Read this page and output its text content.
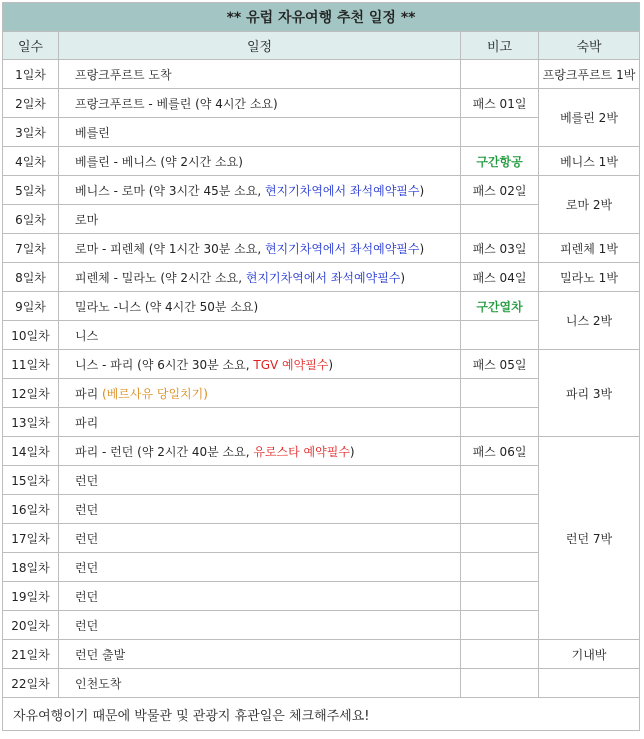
** 유럽 자유여행 추천 일정 **			
일수	일정	비고	숙박
1일차	프랑크푸르트 도착		프랑크푸르트 1박
2일차	프랑크푸르트 - 베를린 (약 4시간 소요)	패스 01일	베를린 2박
3일차	베를린		
4일차	베를린 - 베니스 (약 2시간 소요)	구간항공	베니스 1박
5일차	베니스 - 로마 (약 3시간 45분 소요, 현지기차역에서 좌석예약필수)	패스 02일	로마 2박
6일차	로마		
7일차	로마 - 피렌체 (약 1시간 30분 소요, 현지기차역에서 좌석예약필수)	패스 03일	피렌체 1박
8일차	피렌체 - 밀라노 (약 2시간 소요, 현지기차역에서 좌석예약필수)	패스 04일	밀라노 1박
9일차	밀라노 -니스 (약 4시간 50분 소요)	구간열차	니스 2박
10일차	니스		
11일차	니스 - 파리 (약 6시간 30분 소요, TGV 예약필수)	패스 05일	파리 3박
12일차	파리 (베르사유 당일치기)		
13일차	파리		
14일차	파리 - 런던 (약 2시간 40분 소요, 유로스타 예약필수)	패스 06일	런던 7박
15일차	런던		
16일차	런던		
17일차	런던		
18일차	런던		
19일차	런던		
20일차	런던		
21일차	런던 출발		기내박
22일차	인천도착		
자유여행이기 때문에 박물관 및 관광지 휴관일은 체크해주세요!			
